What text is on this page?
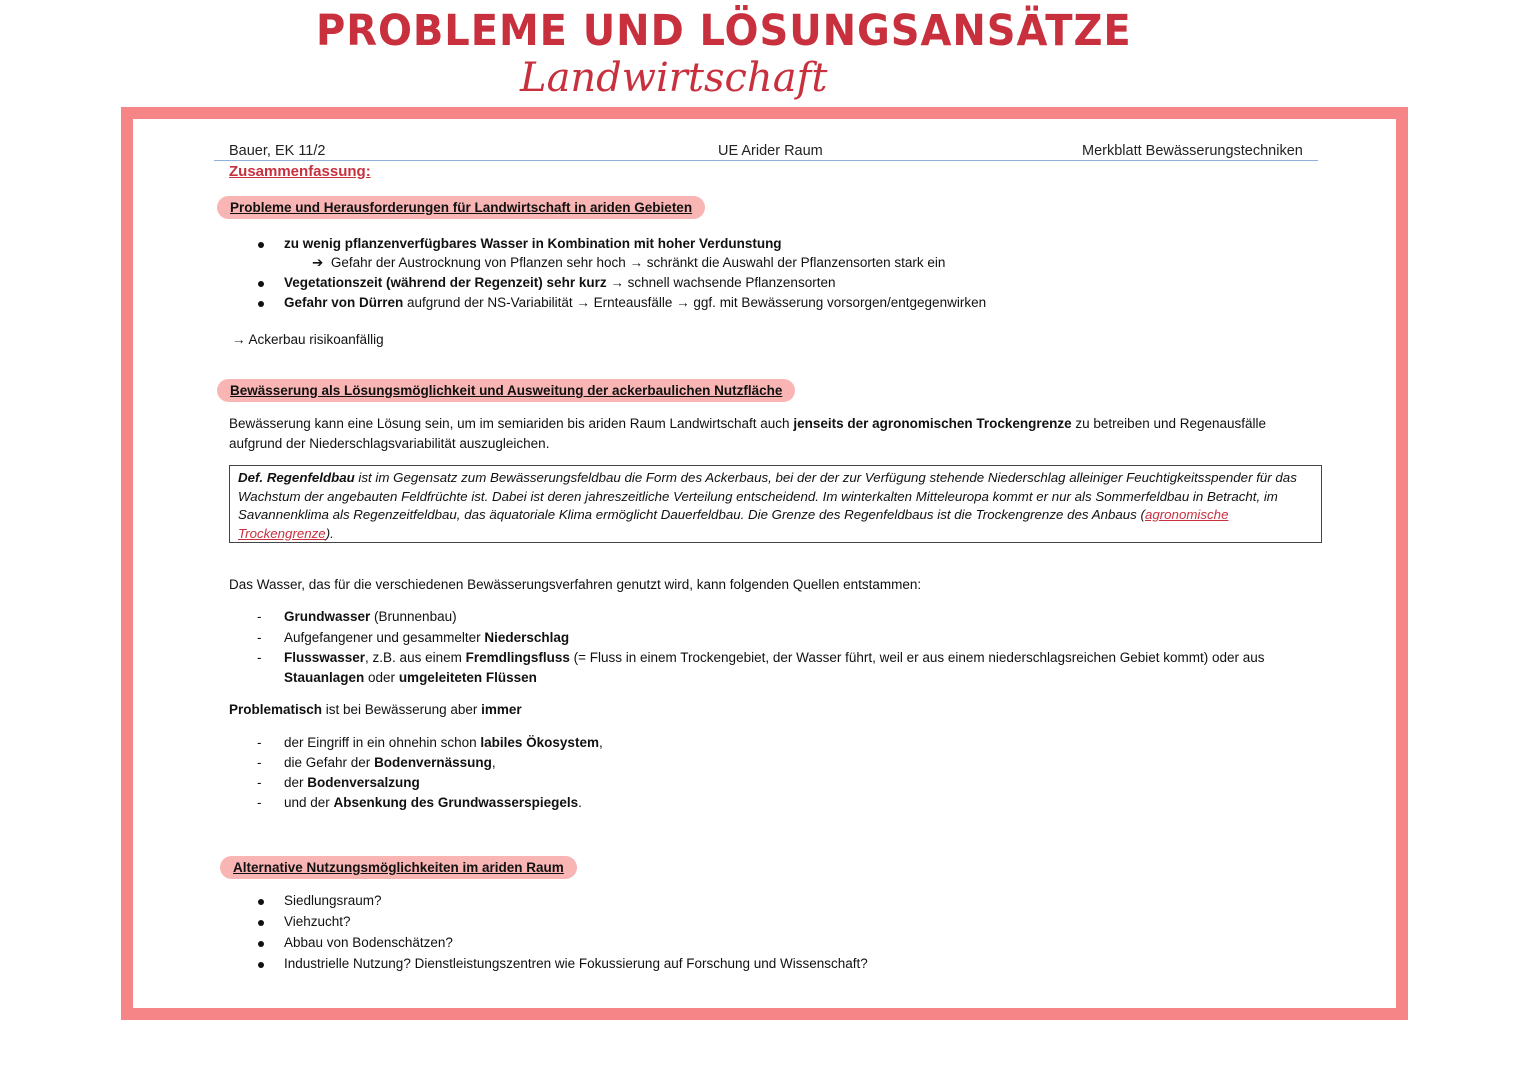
PROBLEME UND LÖSUNGSANSÄTZE
Landwirtschaft
Bauer, EK 11/2	UE Arider Raum	Merkblatt Bewässerungstechniken
Zusammenfassung:
Probleme und Herausforderungen für Landwirtschaft in ariden Gebieten
zu wenig pflanzenverfügbares Wasser in Kombination mit hoher Verdunstung
➔ Gefahr der Austrocknung von Pflanzen sehr hoch → schränkt die Auswahl der Pflanzensorten stark ein
Vegetationszeit (während der Regenzeit) sehr kurz → schnell wachsende Pflanzensorten
Gefahr von Dürren aufgrund der NS-Variabilität → Ernteausfälle → ggf. mit Bewässerung vorsorgen/entgegenwirken
→ Ackerbau risikoanfällig
Bewässerung als Lösungsmöglichkeit und Ausweitung der ackerbaulichen Nutzfläche
Bewässerung kann eine Lösung sein, um im semiariden bis ariden Raum Landwirtschaft auch jenseits der agronomischen Trockengrenze zu betreiben und Regenausfälle aufgrund der Niederschlagsvariabilität auszugleichen.
Def. Regenfeldbau ist im Gegensatz zum Bewässerungsfeldbau die Form des Ackerbaus, bei der der zur Verfügung stehende Niederschlag alleiniger Feuchtigkeitsspender für das Wachstum der angebauten Feldfrüchte ist. Dabei ist deren jahreszeitliche Verteilung entscheidend. Im winterkalten Mitteleuropa kommt er nur als Sommerfeldbau in Betracht, im Savannenklima als Regenzeitfeldbau, das äquatoriale Klima ermöglicht Dauerfeldbau. Die Grenze des Regenfeldbaus ist die Trockengrenze des Anbaus (agronomische Trockengrenze).
Das Wasser, das für die verschiedenen Bewässerungsverfahren genutzt wird, kann folgenden Quellen entstammen:
- Grundwasser (Brunnenbau)
- Aufgefangener und gesammelter Niederschlag
- Flusswasser, z.B. aus einem Fremdlingsfluss (= Fluss in einem Trockengebiet, der Wasser führt, weil er aus einem niederschlagsreichen Gebiet kommt) oder aus
Stauanlagen oder umgeleiteten Flüssen
Problematisch ist bei Bewässerung aber immer
- der Eingriff in ein ohnehin schon labiles Ökosystem,
- die Gefahr der Bodenvernässung,
- der Bodenversalzung
- und der Absenkung des Grundwasserspiegels.
Alternative Nutzungsmöglichkeiten im ariden Raum
Siedlungsraum?
Viehzucht?
Abbau von Bodenschätzen?
Industrielle Nutzung? Dienstleistungszentren wie Fokussierung auf Forschung und Wissenschaft?
